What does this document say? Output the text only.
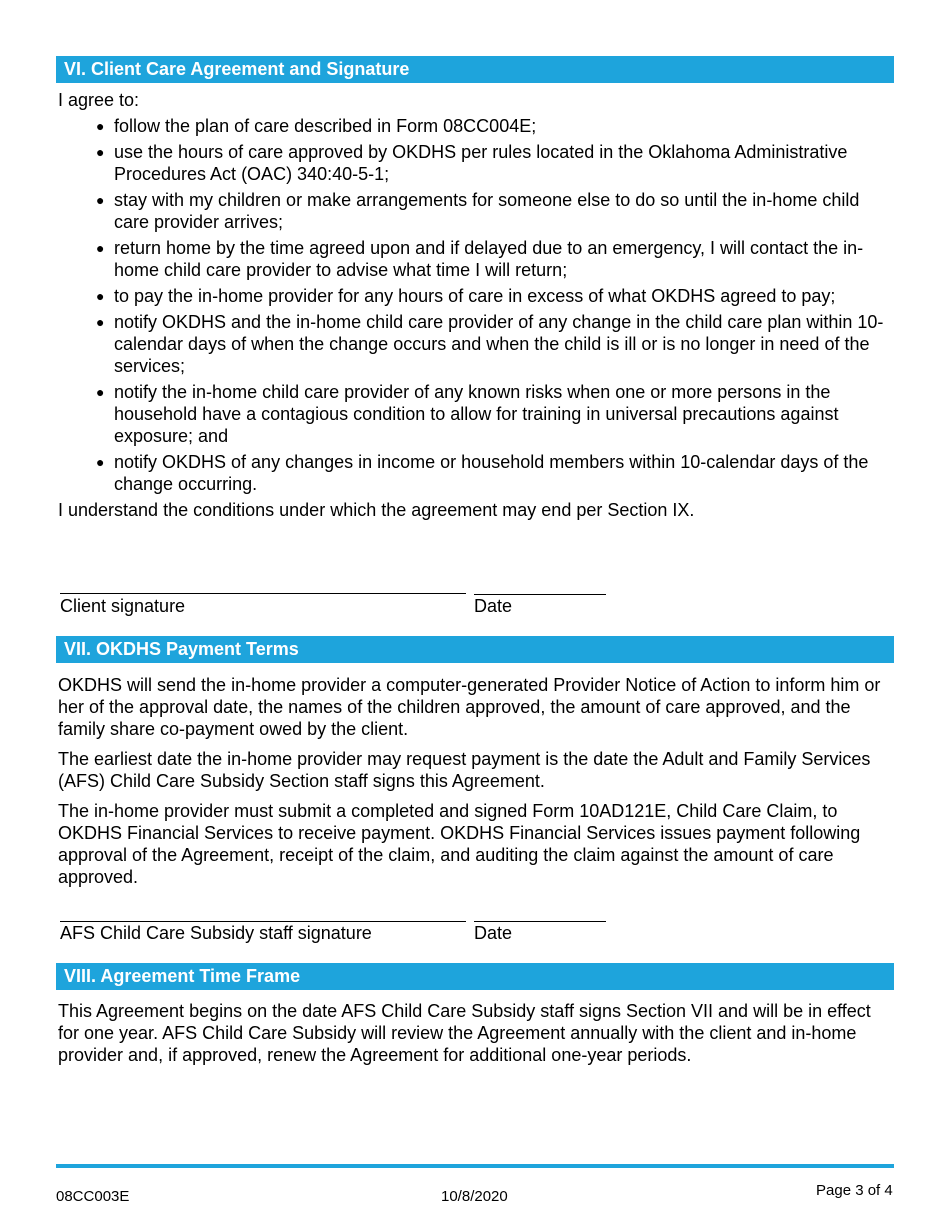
VI. Client Care Agreement and Signature

I agree to:

● follow the plan of care described in Form 08CC004E;
● use the hours of care approved by OKDHS per rules located in the Oklahoma Administrative Procedures Act (OAC) 340:40-5-1;
● stay with my children or make arrangements for someone else to do so until the in-home child care provider arrives;
● return home by the time agreed upon and if delayed due to an emergency, I will contact the in-home child care provider to advise what time I will return;
● to pay the in-home provider for any hours of care in excess of what OKDHS agreed to pay;
● notify OKDHS and the in-home child care provider of any change in the child care plan within 10-calendar days of when the change occurs and when the child is ill or is no longer in need of the services;
● notify the in-home child care provider of any known risks when one or more persons in the household have a contagious condition to allow for training in universal precautions against exposure; and
● notify OKDHS of any changes in income or household members within 10-calendar days of the change occurring.

I understand the conditions under which the agreement may end per Section IX.

Client signature	Date
VII. OKDHS Payment Terms

OKDHS will send the in-home provider a computer-generated Provider Notice of Action to inform him or her of the approval date, the names of the children approved, the amount of care approved, and the family share co-payment owed by the client.

The earliest date the in-home provider may request payment is the date the Adult and Family Services (AFS) Child Care Subsidy Section staff signs this Agreement.

The in-home provider must submit a completed and signed Form 10AD121E, Child Care Claim, to OKDHS Financial Services to receive payment. OKDHS Financial Services issues payment following approval of the Agreement, receipt of the claim, and auditing the claim against the amount of care approved.

AFS Child Care Subsidy staff signature	Date
VIII. Agreement Time Frame

This Agreement begins on the date AFS Child Care Subsidy staff signs Section VII and will be in effect for one year. AFS Child Care Subsidy will review the Agreement annually with the client and in-home provider and, if approved, renew the Agreement for additional one-year periods.

08CC003E	10/8/2020	Page 3 of 4
